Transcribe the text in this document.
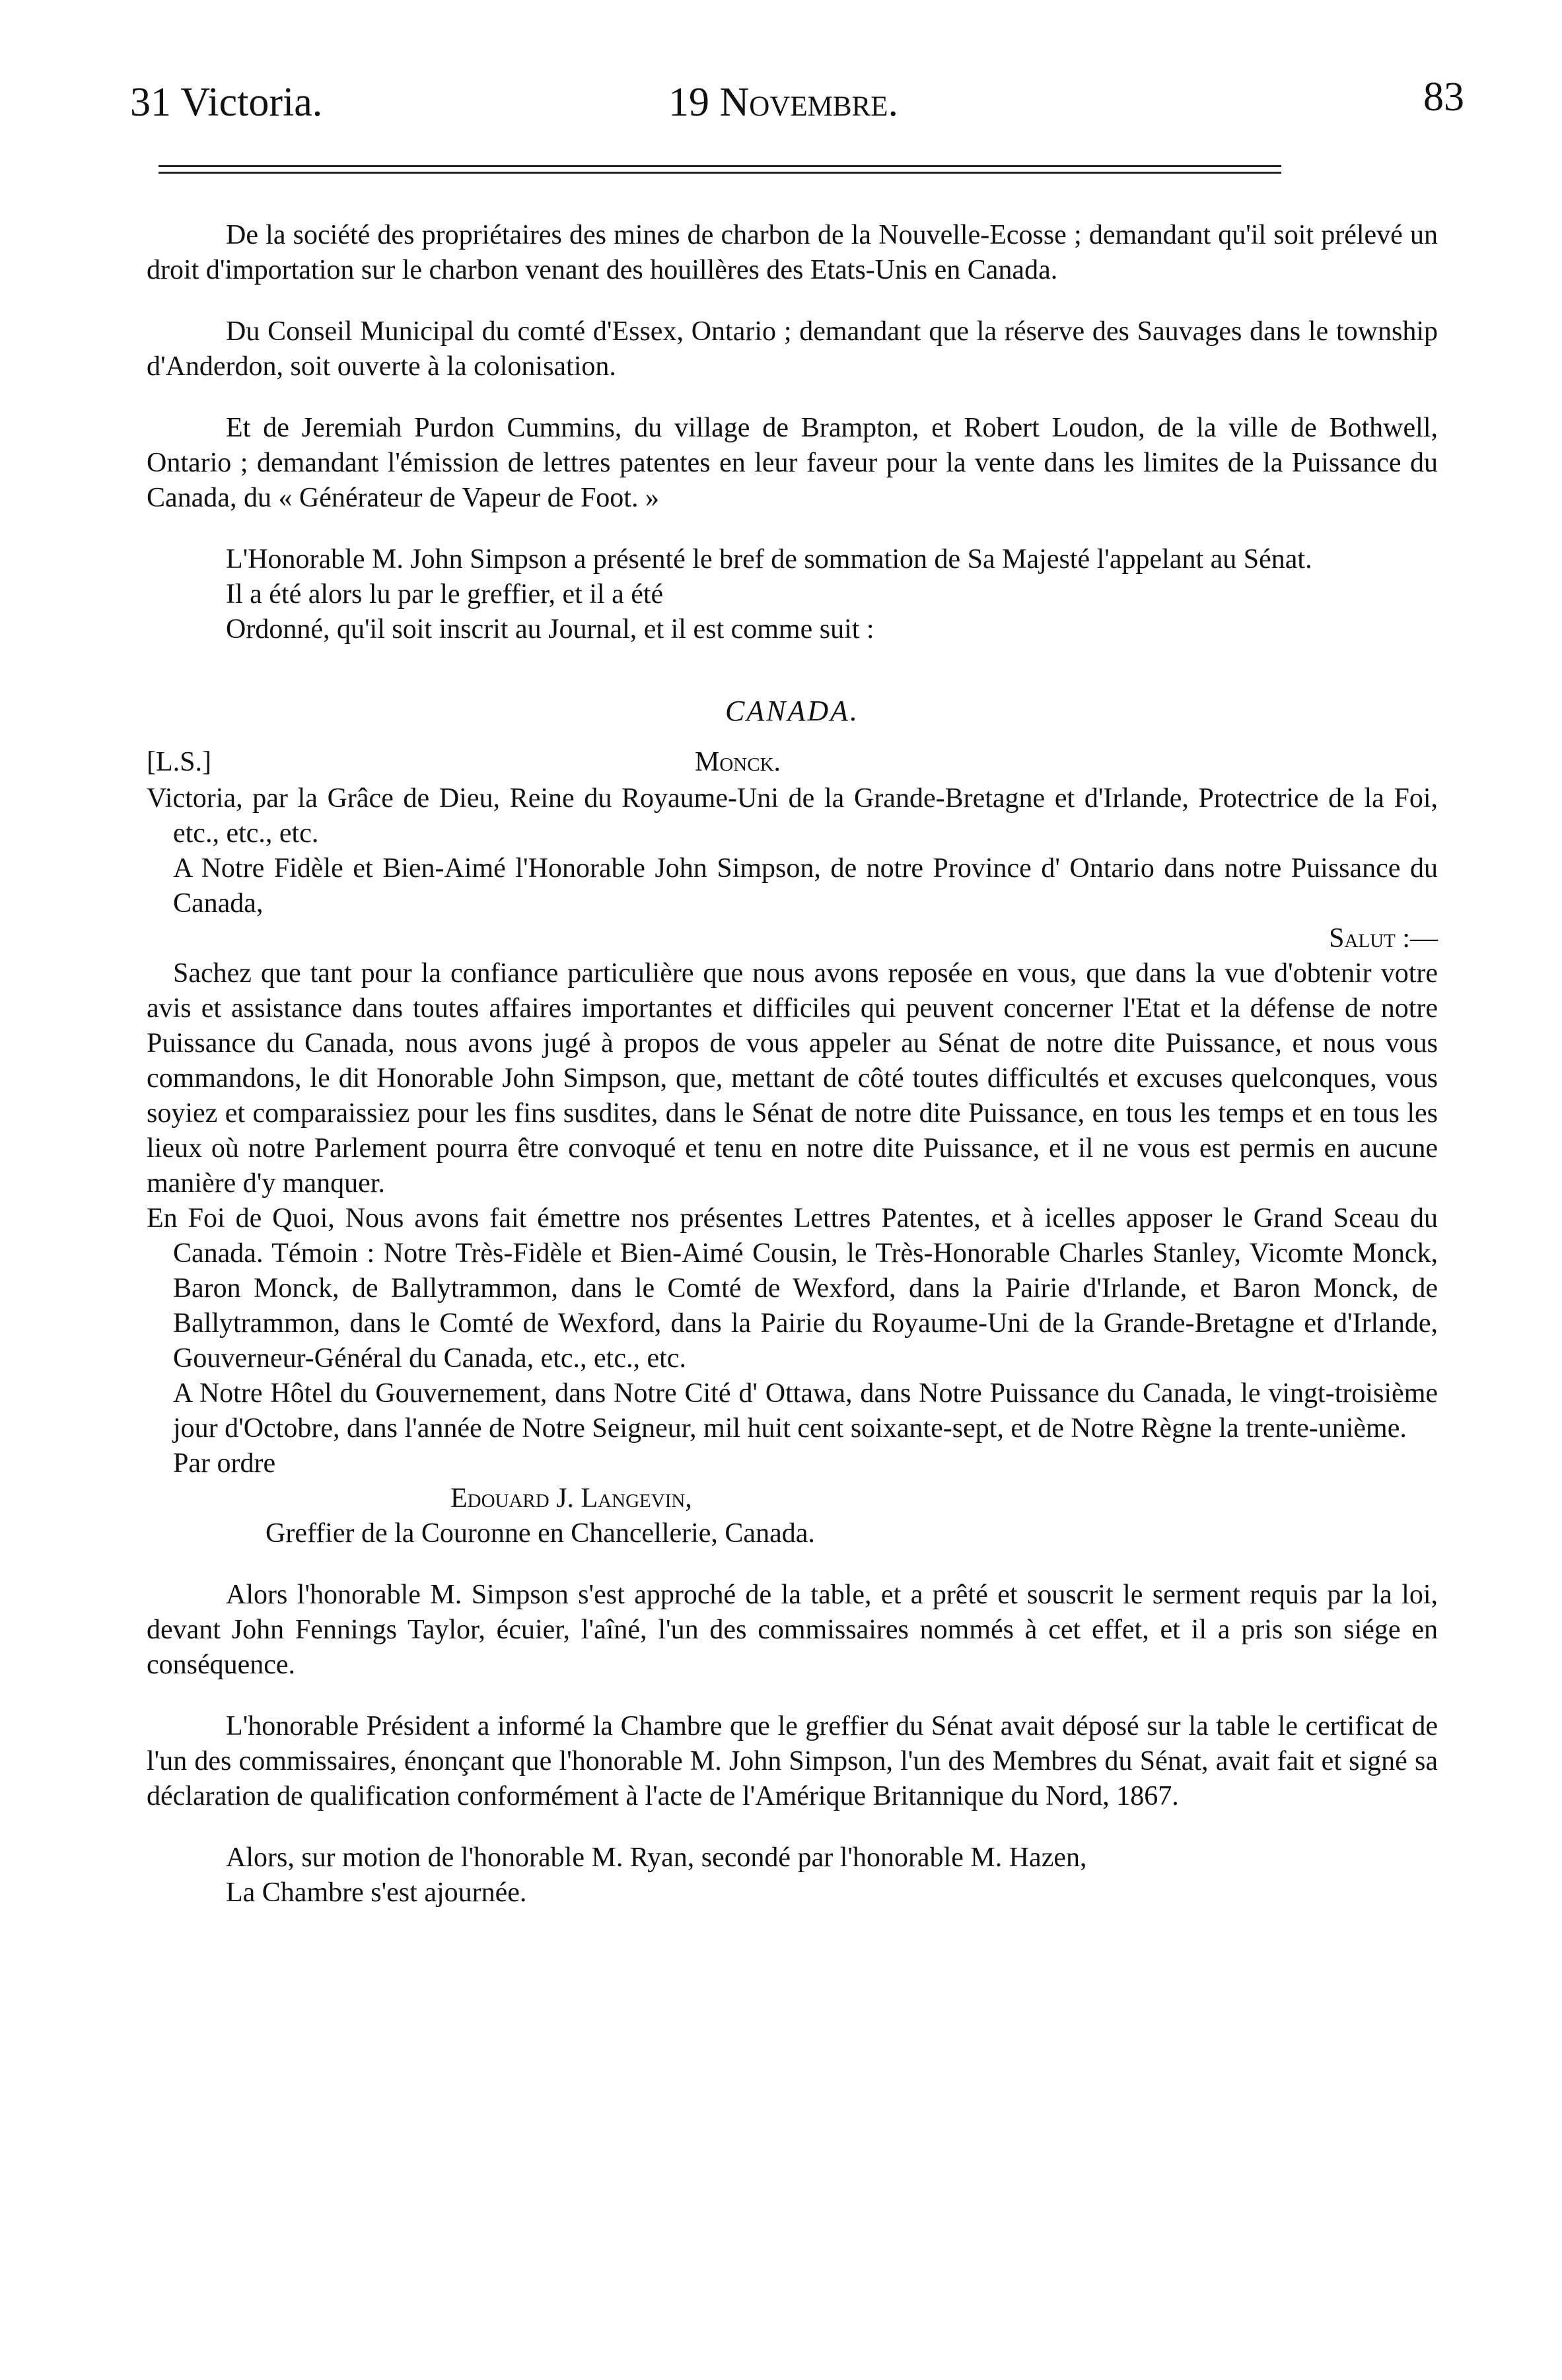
31 Victoria.	19 Novembre.	83

De la société des propriétaires des mines de charbon de la Nouvelle-Ecosse ; demandant qu'il soit prélevé un droit d'importation sur le charbon venant des houillères des Etats-Unis en Canada.

Du Conseil Municipal du comté d'Essex, Ontario ; demandant que la réserve des Sauvages dans le township d'Anderdon, soit ouverte à la colonisation.

Et de Jeremiah Purdon Cummins, du village de Brampton, et Robert Loudon, de la ville de Bothwell, Ontario ; demandant l'émission de lettres patentes en leur faveur pour la vente dans les limites de la Puissance du Canada, du « Générateur de Vapeur de Foot. »

L'Honorable M. John Simpson a présenté le bref de sommation de Sa Majesté l'appelant au Sénat.

Il a été alors lu par le greffier, et il a été

Ordonné, qu'il soit inscrit au Journal, et il est comme suit :

CANADA.
[L.S.]	Monck.

Victoria, par la Grâce de Dieu, Reine du Royaume-Uni de la Grande-Bretagne et d'Irlande, Protectrice de la Foi, etc., etc., etc.

A Notre Fidèle et Bien-Aimé l'Honorable John Simpson, de notre Province d' Ontario dans notre Puissance du Canada,

Salut :—

Sachez que tant pour la confiance particulière que nous avons reposée en vous, que dans la vue d'obtenir votre avis et assistance dans toutes affaires importantes et difficiles qui peuvent concerner l'Etat et la défense de notre Puissance du Canada, nous avons jugé à propos de vous appeler au Sénat de notre dite Puissance, et nous vous commandons, le dit Honorable John Simpson, que, mettant de côté toutes difficultés et excuses quelconques, vous soyiez et comparaissiez pour les fins susdites, dans le Sénat de notre dite Puissance, en tous les temps et en tous les lieux où notre Parlement pourra être convoqué et tenu en notre dite Puissance, et il ne vous est permis en aucune manière d'y manquer.

En Foi de Quoi, Nous avons fait émettre nos présentes Lettres Patentes, et à icelles apposer le Grand Sceau du Canada. Témoin : Notre Très-Fidèle et Bien-Aimé Cousin, le Très-Honorable Charles Stanley, Vicomte Monck, Baron Monck, de Ballytrammon, dans le Comté de Wexford, dans la Pairie d'Irlande, et Baron Monck, de Ballytrammon, dans le Comté de Wexford, dans la Pairie du Royaume-Uni de la Grande-Bretagne et d'Irlande, Gouverneur-Général du Canada, etc., etc., etc.

A Notre Hôtel du Gouvernement, dans Notre Cité d' Ottawa, dans Notre Puissance du Canada, le vingt-troisième jour d'Octobre, dans l'année de Notre Seigneur, mil huit cent soixante-sept, et de Notre Règne la trente-unième.

Par ordre

Edouard J. Langevin,

Greffier de la Couronne en Chancellerie, Canada.

Alors l'honorable M. Simpson s'est approché de la table, et a prêté et souscrit le serment requis par la loi, devant John Fennings Taylor, écuier, l'aîné, l'un des commissaires nommés à cet effet, et il a pris son siége en conséquence.

L'honorable Président a informé la Chambre que le greffier du Sénat avait déposé sur la table le certificat de l'un des commissaires, énonçant que l'honorable M. John Simpson, l'un des Membres du Sénat, avait fait et signé sa déclaration de qualification conformément à l'acte de l'Amérique Britannique du Nord, 1867.

Alors, sur motion de l'honorable M. Ryan, secondé par l'honorable M. Hazen,

La Chambre s'est ajournée.
